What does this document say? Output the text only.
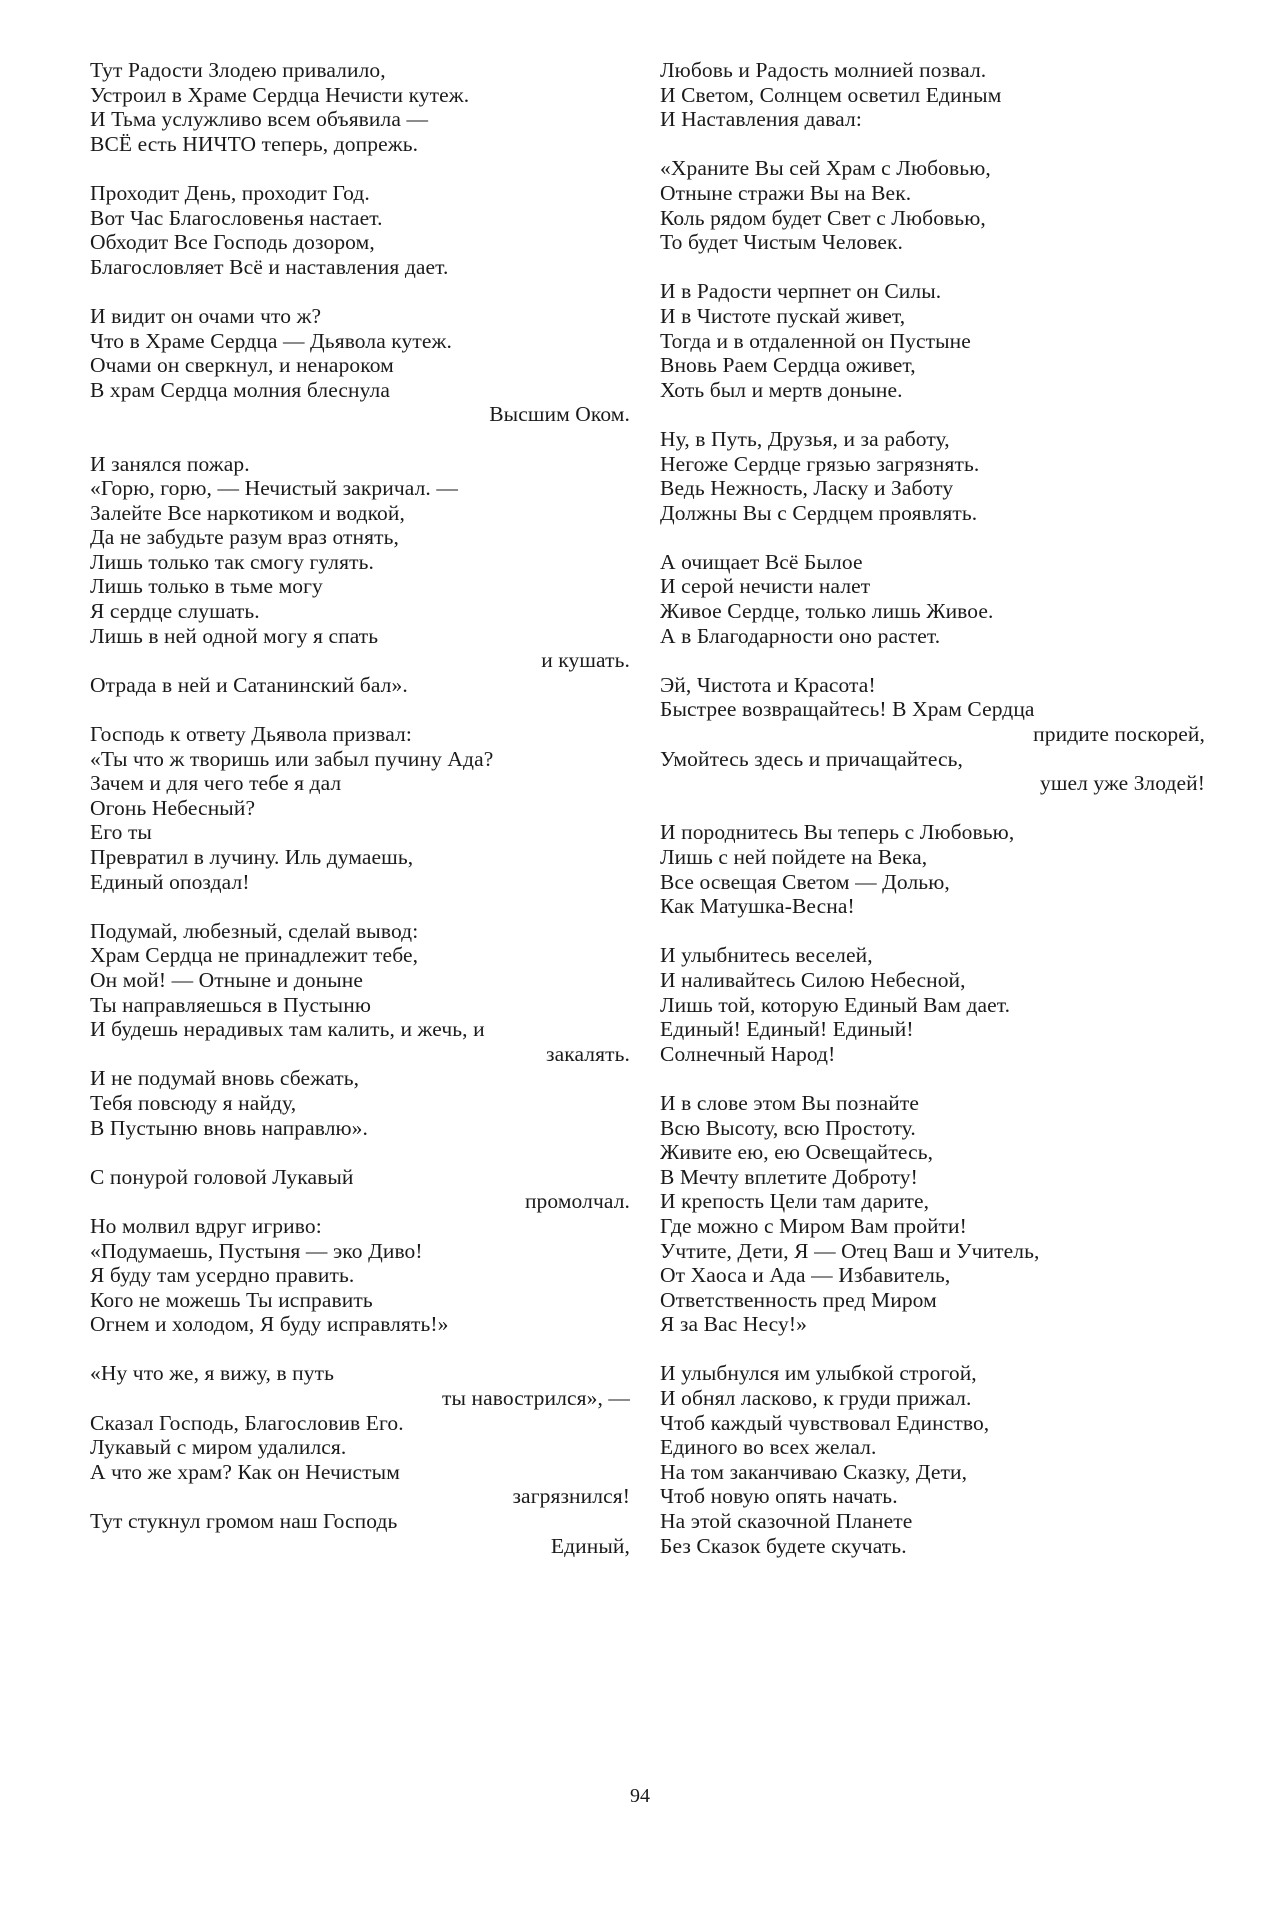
Тут Радости Злодею привалило,
Устроил в Храме Сердца Нечисти кутеж.
И Тьма услужливо всем объявила —
ВСЁ есть НИЧТО теперь, допрежь.
Проходит День, проходит Год.
Вот Час Благословенья настает.
Обходит Все Господь дозором,
Благословляет Всё и наставления дает.
И видит он очами что ж?
Что в Храме Сердца — Дьявола кутеж.
Очами он сверкнул, и ненароком
В храм Сердца молния блеснула
Высшим Оком.
И занялся пожар.
«Горю, горю, — Нечистый закричал. —
Залейте Все наркотиком и водкой,
Да не забудьте разум враз отнять,
Лишь только так смогу гулять.
Лишь только в тьме могу
Я сердце слушать.
Лишь в ней одной могу я спать
и кушать.
Отрада в ней и Сатанинский бал».
Господь к ответу Дьявола призвал:
«Ты что ж творишь или забыл пучину Ада?
Зачем и для чего тебе я дал
Огонь Небесный?
Его ты
Превратил в лучину. Иль думаешь,
Единый опоздал!
Подумай, любезный, сделай вывод:
Храм Сердца не принадлежит тебе,
Он мой! — Отныне и доныне
Ты направляешься в Пустыню
И будешь нерадивых там калить, и жечь, и
закалять.
И не подумай вновь сбежать,
Тебя повсюду я найду,
В Пустыню вновь направлю».
С понурой головой Лукавый
промолчал.
Но молвил вдруг игриво:
«Подумаешь, Пустыня — эко Диво!
Я буду там усердно править.
Кого не можешь Ты исправить
Огнем и холодом, Я буду исправлять!»
«Ну что же, я вижу, в путь
ты навострился», —
Сказал Господь, Благословив Его.
Лукавый с миром удалился.
А что же храм? Как он Нечистым
загрязнился!
Тут стукнул громом наш Господь
Единый,
Любовь и Радость молнией позвал.
И Светом, Солнцем осветил Единым
И Наставления давал:
«Храните Вы сей Храм с Любовью,
Отныне стражи Вы на Век.
Коль рядом будет Свет с Любовью,
То будет Чистым Человек.
И в Радости черпнет он Силы.
И в Чистоте пускай живет,
Тогда и в отдаленной он Пустыне
Вновь Раем Сердца оживет,
Хоть был и мертв доныне.
Ну, в Путь, Друзья, и за работу,
Негоже Сердце грязью загрязнять.
Ведь Нежность, Ласку и Заботу
Должны Вы с Сердцем проявлять.
А очищает Всё Былое
И серой нечисти налет
Живое Сердце, только лишь Живое.
А в Благодарности оно растет.
Эй, Чистота и Красота!
Быстрее возвращайтесь! В Храм Сердца
придите поскорей,
Умойтесь здесь и причащайтесь,
ушел уже Злодей!
И породнитесь Вы теперь с Любовью,
Лишь с ней пойдете на Века,
Все освещая Светом — Долью,
Как Матушка-Весна!
И улыбнитесь веселей,
И наливайтесь Силою Небесной,
Лишь той, которую Единый Вам дает.
Единый! Единый! Единый!
Солнечный Народ!
И в слове этом Вы познайте
Всю Высоту, всю Простоту.
Живите ею, ею Освещайтесь,
В Мечту вплетите Доброту!
И крепость Цели там дарите,
Где можно с Миром Вам пройти!
Учтите, Дети, Я — Отец Ваш и Учитель,
От Хаоса и Ада — Избавитель,
Ответственность пред Миром
Я за Вас Несу!»
И улыбнулся им улыбкой строгой,
И обнял ласково, к груди прижал.
Чтоб каждый чувствовал Единство,
Единого во всех желал.
На том заканчиваю Сказку, Дети,
Чтоб новую опять начать.
На этой сказочной Планете
Без Сказок будете скучать.
94
